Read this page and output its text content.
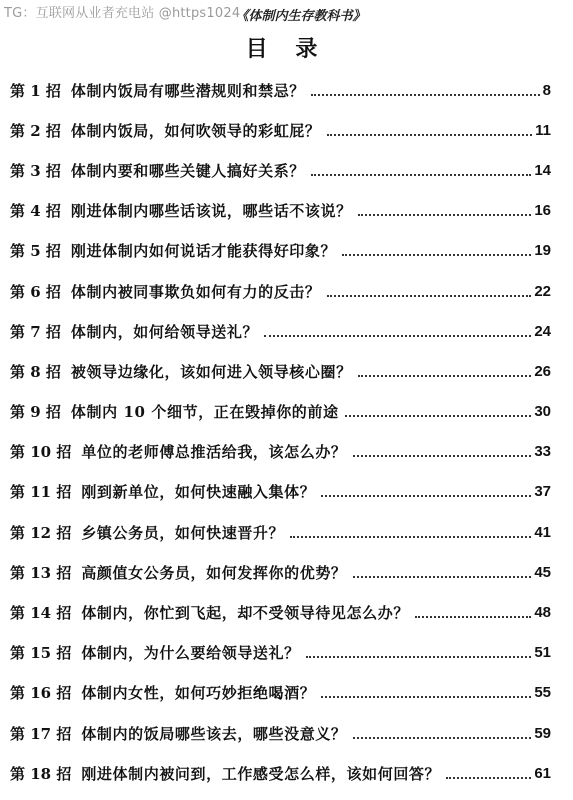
TG：互联网从业者充电站 @https1024
《体制内生存教科书》
目 录
第 1 招 体制内饭局有哪些潜规则和禁忌？	8
第 2 招 体制内饭局，如何吹领导的彩虹屁？	11
第 3 招 体制内要和哪些关键人搞好关系？	14
第 4 招 刚进体制内哪些话该说，哪些话不该说？	16
第 5 招 刚进体制内如何说话才能获得好印象？	19
第 6 招 体制内被同事欺负如何有力的反击？	22
第 7 招 体制内，如何给领导送礼？	24
第 8 招 被领导边缘化，该如何进入领导核心圈？	26
第 9 招 体制内 10 个细节，正在毁掉你的前途	30
第 10 招 单位的老师傅总推活给我，该怎么办？	33
第 11 招 刚到新单位，如何快速融入集体？	37
第 12 招 乡镇公务员，如何快速晋升？	41
第 13 招 高颜值女公务员，如何发挥你的优势？	45
第 14 招 体制内，你忙到飞起，却不受领导待见怎么办？	48
第 15 招 体制内，为什么要给领导送礼？	51
第 16 招 体制内女性，如何巧妙拒绝喝酒？	55
第 17 招 体制内的饭局哪些该去，哪些没意义？	59
第 18 招 刚进体制内被问到，工作感受怎么样，该如何回答？	61
